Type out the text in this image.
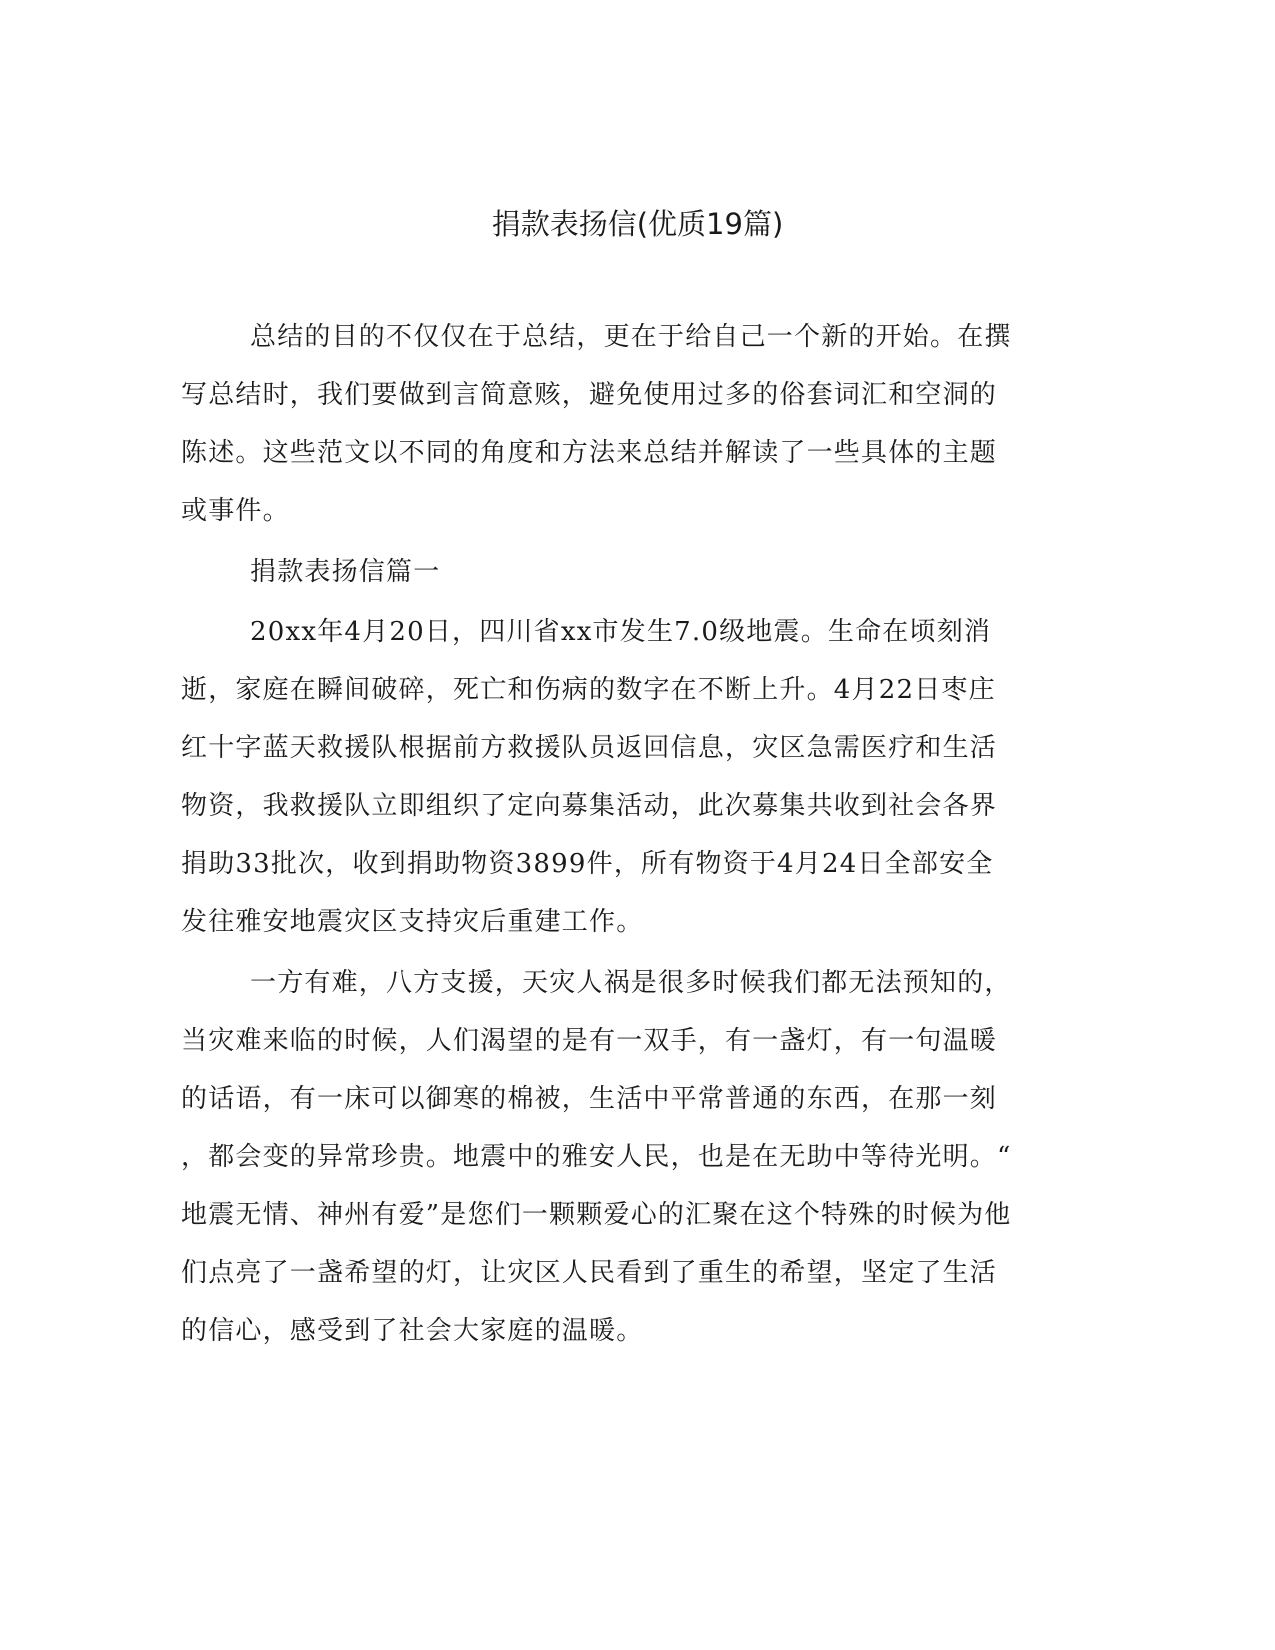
捐款表扬信(优质19篇)
总结的目的不仅仅在于总结，更在于给自己一个新的开始。在撰
写总结时，我们要做到言简意赅，避免使用过多的俗套词汇和空洞的
陈述。这些范文以不同的角度和方法来总结并解读了一些具体的主题
或事件。
捐款表扬信篇一
20xx年4月20日，四川省xx市发生7.0级地震。生命在顷刻消
逝，家庭在瞬间破碎，死亡和伤病的数字在不断上升。4月22日枣庄
红十字蓝天救援队根据前方救援队员返回信息，灾区急需医疗和生活
物资，我救援队立即组织了定向募集活动，此次募集共收到社会各界
捐助33批次，收到捐助物资3899件，所有物资于4月24日全部安全
发往雅安地震灾区支持灾后重建工作。
一方有难，八方支援，天灾人祸是很多时候我们都无法预知的，
当灾难来临的时候，人们渴望的是有一双手，有一盏灯，有一句温暖
的话语，有一床可以御寒的棉被，生活中平常普通的东西，在那一刻
，都会变的异常珍贵。地震中的雅安人民，也是在无助中等待光明。“
地震无情、神州有爱”是您们一颗颗爱心的汇聚在这个特殊的时候为他
们点亮了一盏希望的灯，让灾区人民看到了重生的希望，坚定了生活
的信心，感受到了社会大家庭的温暖。
